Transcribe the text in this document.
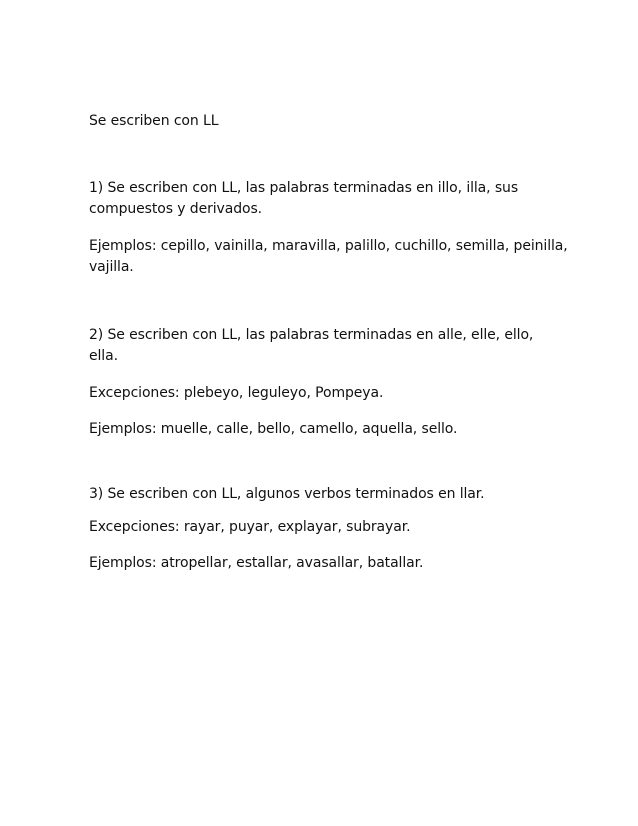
Se escriben con LL
1) Se escriben con LL, las palabras terminadas en illo, illa, sus
compuestos y derivados.
Ejemplos: cepillo, vainilla, maravilla, palillo, cuchillo, semilla, peinilla,
vajilla.
2) Se escriben con LL, las palabras terminadas en alle, elle, ello,
ella.
Excepciones: plebeyo, leguleyo, Pompeya.
Ejemplos: muelle, calle, bello, camello, aquella, sello.
3) Se escriben con LL, algunos verbos terminados en llar.
Excepciones: rayar, puyar, explayar, subrayar.
Ejemplos: atropellar, estallar, avasallar, batallar.
